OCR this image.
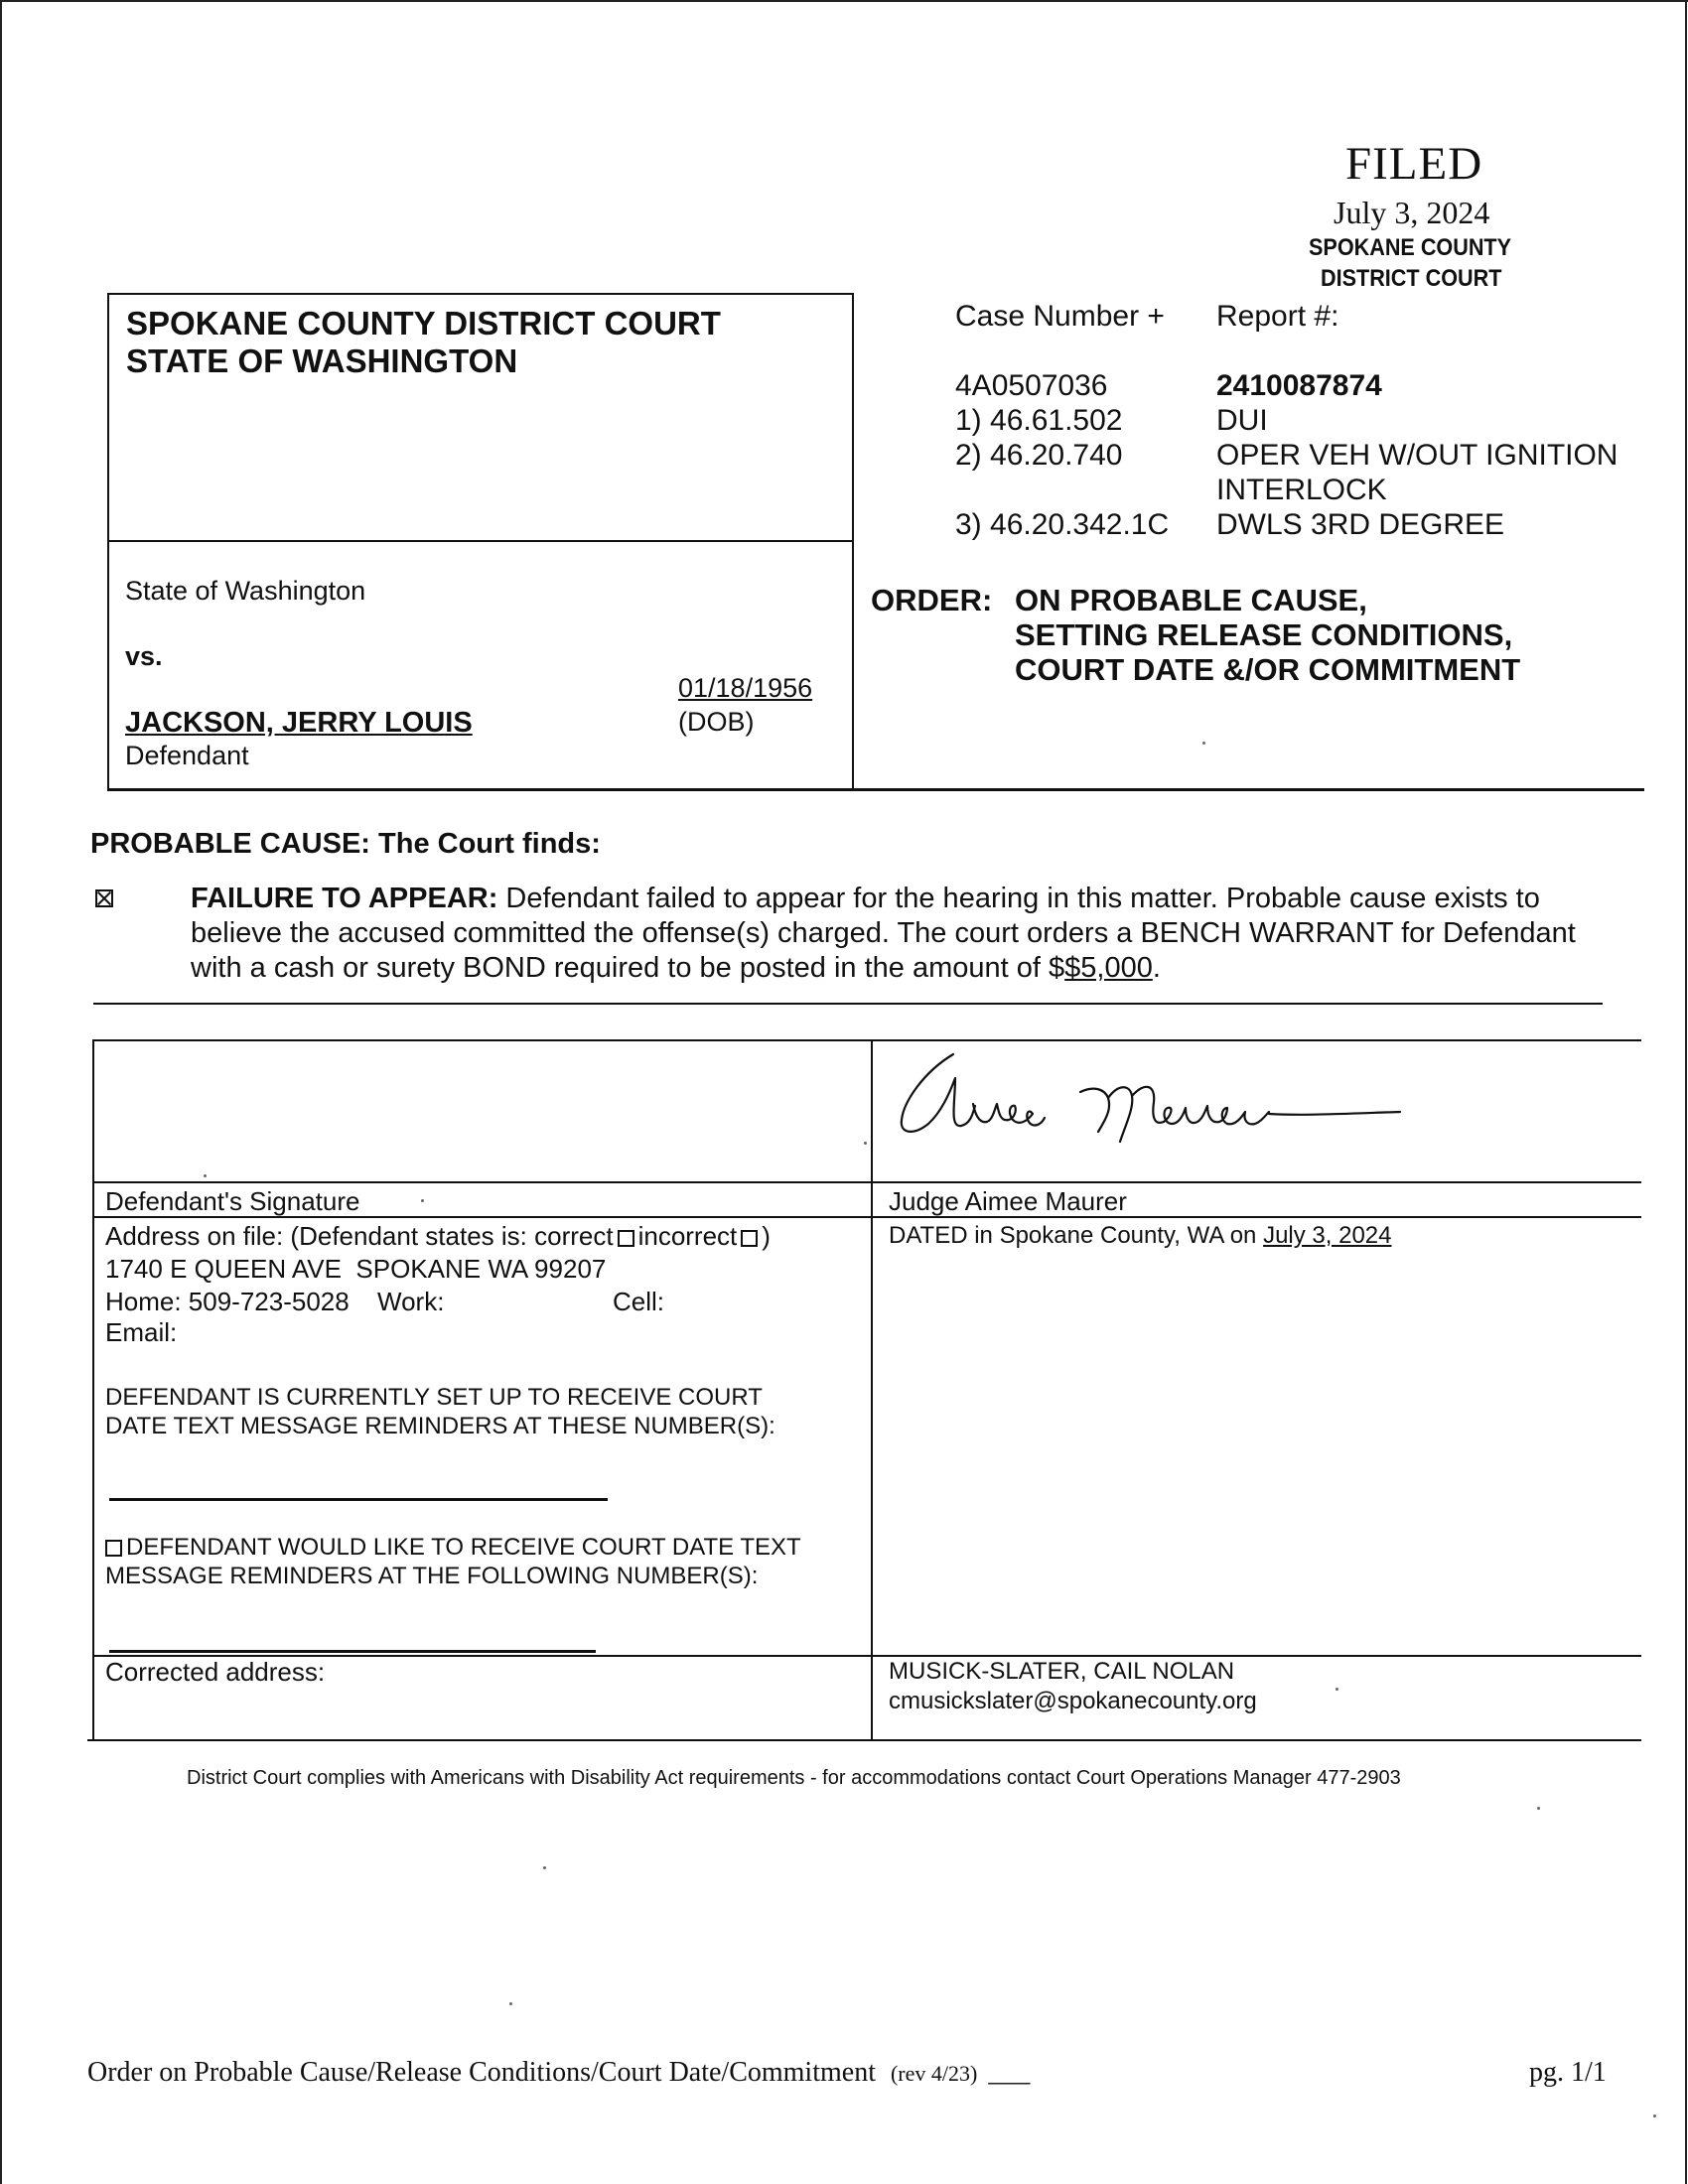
FILED
July 3, 2024
SPOKANE COUNTY
DISTRICT COURT
SPOKANE COUNTY DISTRICT COURT
STATE OF WASHINGTON
State of Washington
vs.
JACKSON, JERRY LOUIS
Defendant
01/18/1956
(DOB)
Case Number + Report #:
4A0507036	2410087874
1) 46.61.502	DUI
2) 46.20.740	OPER VEH W/OUT IGNITION
INTERLOCK
3) 46.20.342.1C DWLS 3RD DEGREE
ORDER: ON PROBABLE CAUSE,
SETTING RELEASE CONDITIONS,
COURT DATE &/OR COMMITMENT
PROBABLE CAUSE: The Court finds:
FAILURE TO APPEAR: Defendant failed to appear for the hearing in this matter. Probable cause exists to believe the accused committed the offense(s) charged. The court orders a BENCH WARRANT for Defendant with a cash or surety BOND required to be posted in the amount of $$5,000.
Defendant's Signature	Judge Aimee Maurer
DATED in Spokane County, WA on July 3, 2024
Address on file: (Defendant states is: correct incorrect )
1740 E QUEEN AVE  SPOKANE WA 99207
Home: 509-723-5028 Work:	Cell:
Email:
DEFENDANT IS CURRENTLY SET UP TO RECEIVE COURT
DATE TEXT MESSAGE REMINDERS AT THESE NUMBER(S):
DEFENDANT WOULD LIKE TO RECEIVE COURT DATE TEXT
MESSAGE REMINDERS AT THE FOLLOWING NUMBER(S):
Corrected address:	MUSICK-SLATER, CAIL NOLAN
cmusickslater@spokanecounty.org
District Court complies with Americans with Disability Act requirements - for accommodations contact Court Operations Manager 477-2903
Order on Probable Cause/Release Conditions/Court Date/Commitment (rev 4/23) ___	pg. 1/1
